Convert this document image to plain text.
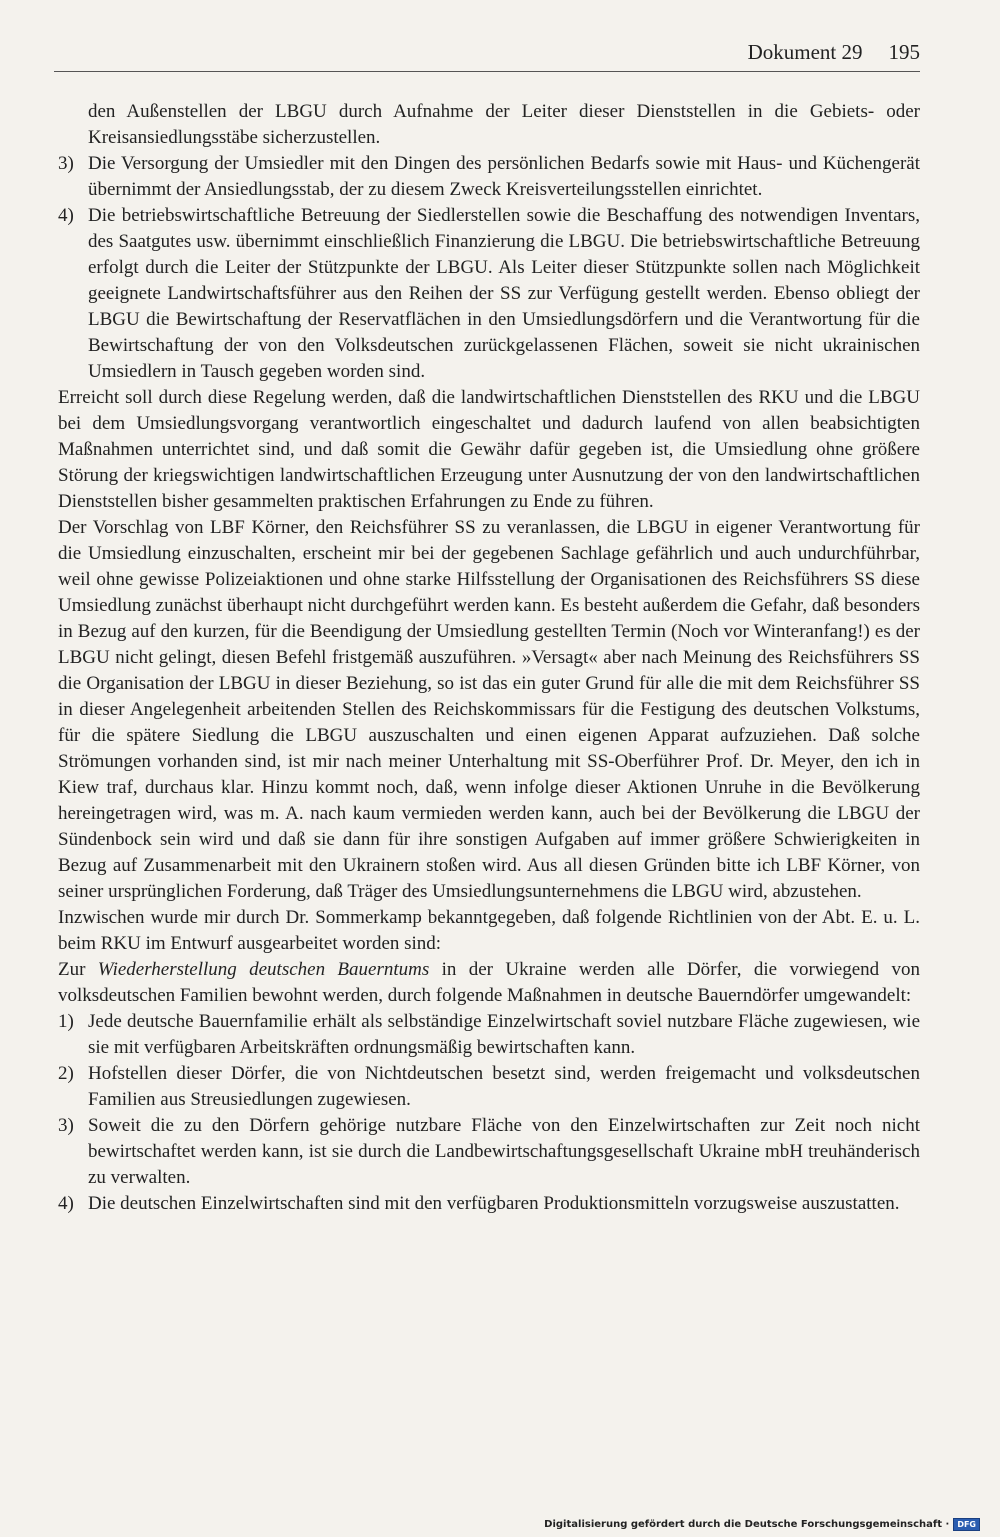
Dokument 29 195

den Außenstellen der LBGU durch Aufnahme der Leiter dieser Dienststellen in die Gebiets- oder Kreisansiedlungsstäbe sicherzustellen.

3) Die Versorgung der Umsiedler mit den Dingen des persönlichen Bedarfs sowie mit Haus- und Küchengerät übernimmt der Ansiedlungsstab, der zu diesem Zweck Kreisverteilungsstellen einrichtet.
4) Die betriebswirtschaftliche Betreuung der Siedlerstellen sowie die Beschaffung des notwendigen Inventars, des Saatgutes usw. übernimmt einschließlich Finanzierung die LBGU. Die betriebswirtschaftliche Betreuung erfolgt durch die Leiter der Stützpunkte der LBGU. Als Leiter dieser Stützpunkte sollen nach Möglichkeit geeignete Landwirtschaftsführer aus den Reihen der SS zur Verfügung gestellt werden. Ebenso obliegt der LBGU die Bewirtschaftung der Reservatflächen in den Umsiedlungsdörfern und die Verantwortung für die Bewirtschaftung der von den Volksdeutschen zurückgelassenen Flächen, soweit sie nicht ukrainischen Umsiedlern in Tausch gegeben worden sind.

Erreicht soll durch diese Regelung werden, daß die landwirtschaftlichen Dienststellen des RKU und die LBGU bei dem Umsiedlungsvorgang verantwortlich eingeschaltet und dadurch laufend von allen beabsichtigten Maßnahmen unterrichtet sind, und daß somit die Gewähr dafür gegeben ist, die Umsiedlung ohne größere Störung der kriegswichtigen landwirtschaftlichen Erzeugung unter Ausnutzung der von den landwirtschaftlichen Dienststellen bisher gesammelten praktischen Erfahrungen zu Ende zu führen.

Der Vorschlag von LBF Körner, den Reichsführer SS zu veranlassen, die LBGU in eigener Verantwortung für die Umsiedlung einzuschalten, erscheint mir bei der gegebenen Sachlage gefährlich und auch undurchführbar, weil ohne gewisse Polizeiaktionen und ohne starke Hilfsstellung der Organisationen des Reichsführers SS diese Umsiedlung zunächst überhaupt nicht durchgeführt werden kann. Es besteht außerdem die Gefahr, daß besonders in Bezug auf den kurzen, für die Beendigung der Umsiedlung gestellten Termin (Noch vor Winteranfang!) es der LBGU nicht gelingt, diesen Befehl fristgemäß auszuführen. »Versagt« aber nach Meinung des Reichsführers SS die Organisation der LBGU in dieser Beziehung, so ist das ein guter Grund für alle die mit dem Reichsführer SS in dieser Angelegenheit arbeitenden Stellen des Reichskommissars für die Festigung des deutschen Volkstums, für die spätere Siedlung die LBGU auszuschalten und einen eigenen Apparat aufzuziehen. Daß solche Strömungen vorhanden sind, ist mir nach meiner Unterhaltung mit SS-Oberführer Prof. Dr. Meyer, den ich in Kiew traf, durchaus klar. Hinzu kommt noch, daß, wenn infolge dieser Aktionen Unruhe in die Bevölkerung hereingetragen wird, was m. A. nach kaum vermieden werden kann, auch bei der Bevölkerung die LBGU der Sündenbock sein wird und daß sie dann für ihre sonstigen Aufgaben auf immer größere Schwierigkeiten in Bezug auf Zusammenarbeit mit den Ukrainern stoßen wird. Aus all diesen Gründen bitte ich LBF Körner, von seiner ursprünglichen Forderung, daß Träger des Umsiedlungsunternehmens die LBGU wird, abzustehen.

Inzwischen wurde mir durch Dr. Sommerkamp bekanntgegeben, daß folgende Richtlinien von der Abt. E. u. L. beim RKU im Entwurf ausgearbeitet worden sind:

Zur Wiederherstellung deutschen Bauerntums in der Ukraine werden alle Dörfer, die vorwiegend von volksdeutschen Familien bewohnt werden, durch folgende Maßnahmen in deutsche Bauerndörfer umgewandelt:

1) Jede deutsche Bauernfamilie erhält als selbständige Einzelwirtschaft soviel nutzbare Fläche zugewiesen, wie sie mit verfügbaren Arbeitskräften ordnungsmäßig bewirtschaften kann.
2) Hofstellen dieser Dörfer, die von Nichtdeutschen besetzt sind, werden freigemacht und volksdeutschen Familien aus Streusiedlungen zugewiesen.
3) Soweit die zu den Dörfern gehörige nutzbare Fläche von den Einzelwirtschaften zur Zeit noch nicht bewirtschaftet werden kann, ist sie durch die Landbewirtschaftungsgesellschaft Ukraine mbH treuhänderisch zu verwalten.
4) Die deutschen Einzelwirtschaften sind mit den verfügbaren Produktionsmitteln vorzugsweise auszustatten.
Digitalisierung gefördert durch die Deutsche Forschungsgemeinschaft ·	DFG
